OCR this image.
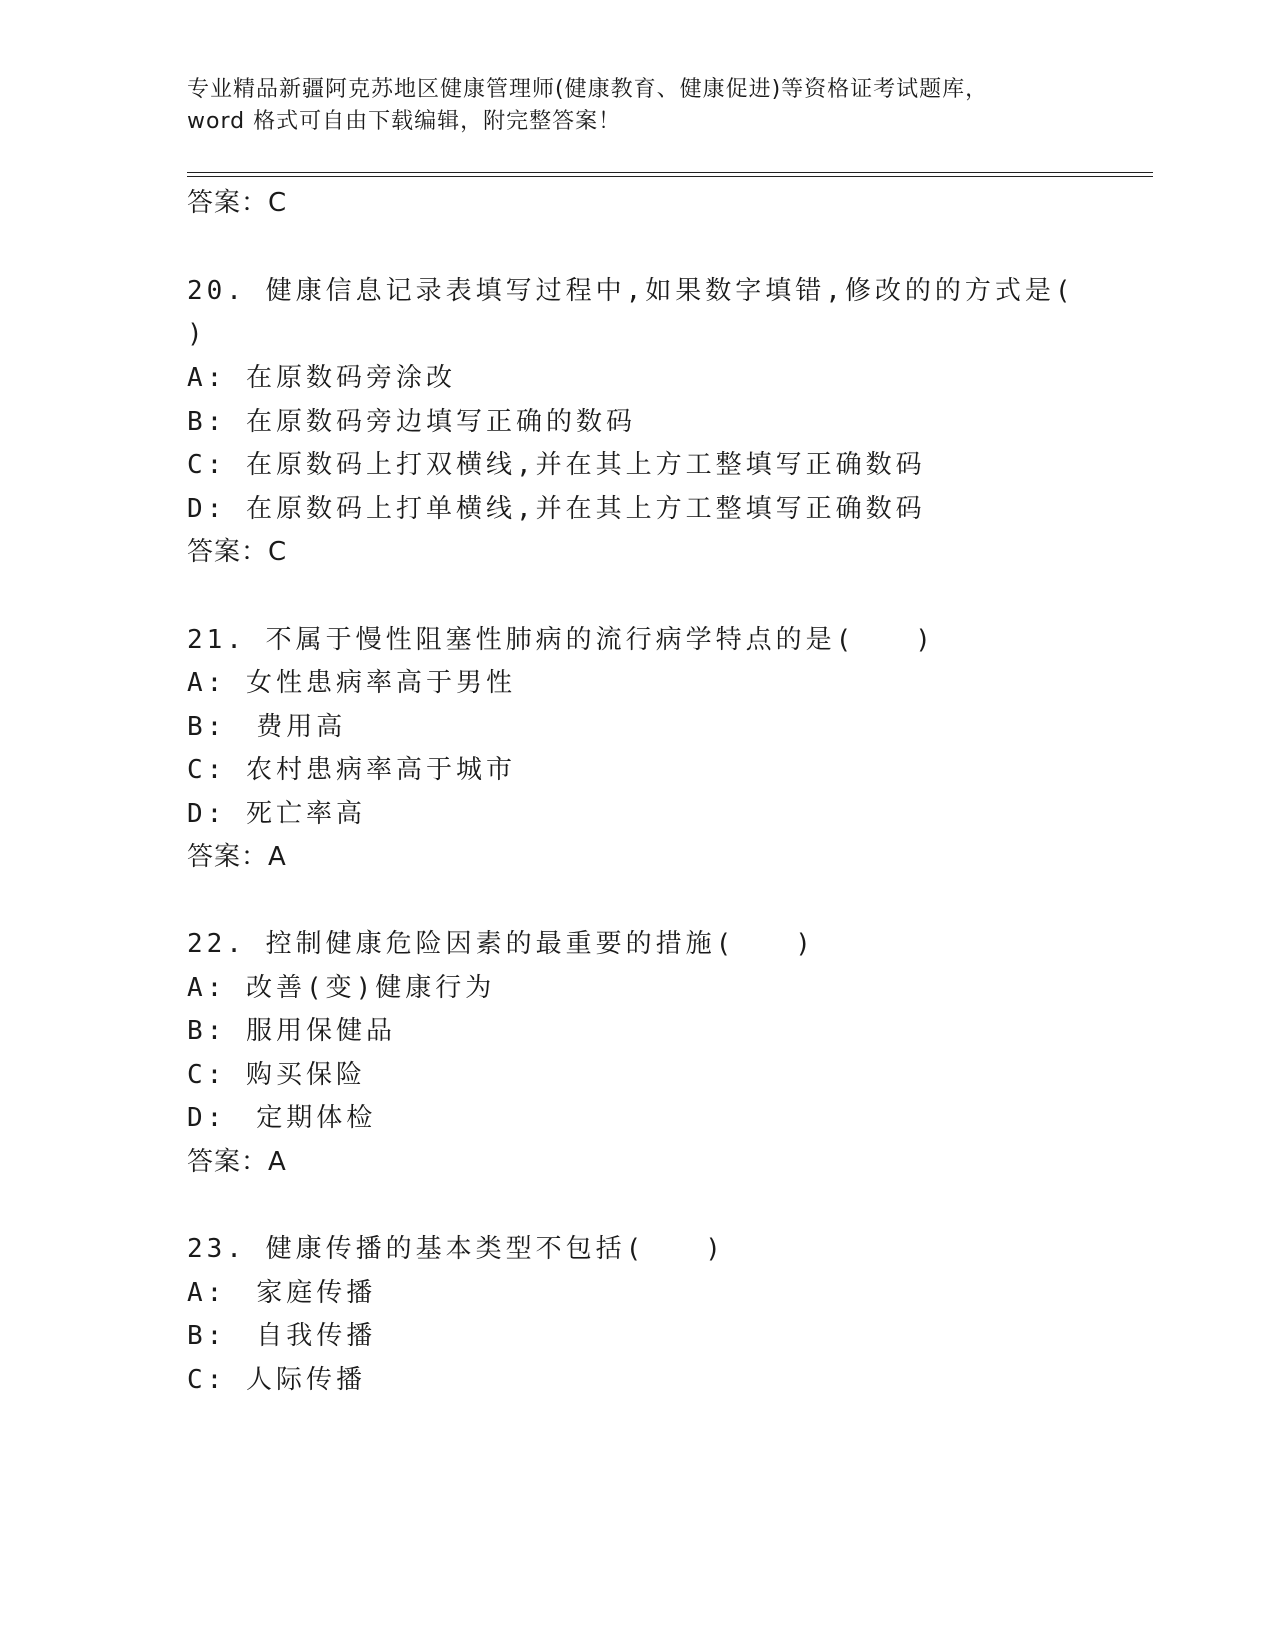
专业精品新疆阿克苏地区健康管理师(健康教育、健康促进)等资格证考试题库，
word 格式可自由下载编辑，附完整答案！
答案：C
20. 健康信息记录表填写过程中,如果数字填错,修改的的方式是(
)
A: 在原数码旁涂改
B: 在原数码旁边填写正确的数码
C: 在原数码上打双横线,并在其上方工整填写正确数码
D: 在原数码上打单横线,并在其上方工整填写正确数码
答案：C
21. 不属于慢性阻塞性肺病的流行病学特点的是(　　)
A: 女性患病率高于男性
B:　费用高
C: 农村患病率高于城市
D: 死亡率高
答案：A
22. 控制健康危险因素的最重要的措施(　　)
A: 改善(变)健康行为
B: 服用保健品
C: 购买保险
D:　定期体检
答案：A
23. 健康传播的基本类型不包括(　　)
A:　家庭传播
B:　自我传播
C: 人际传播
